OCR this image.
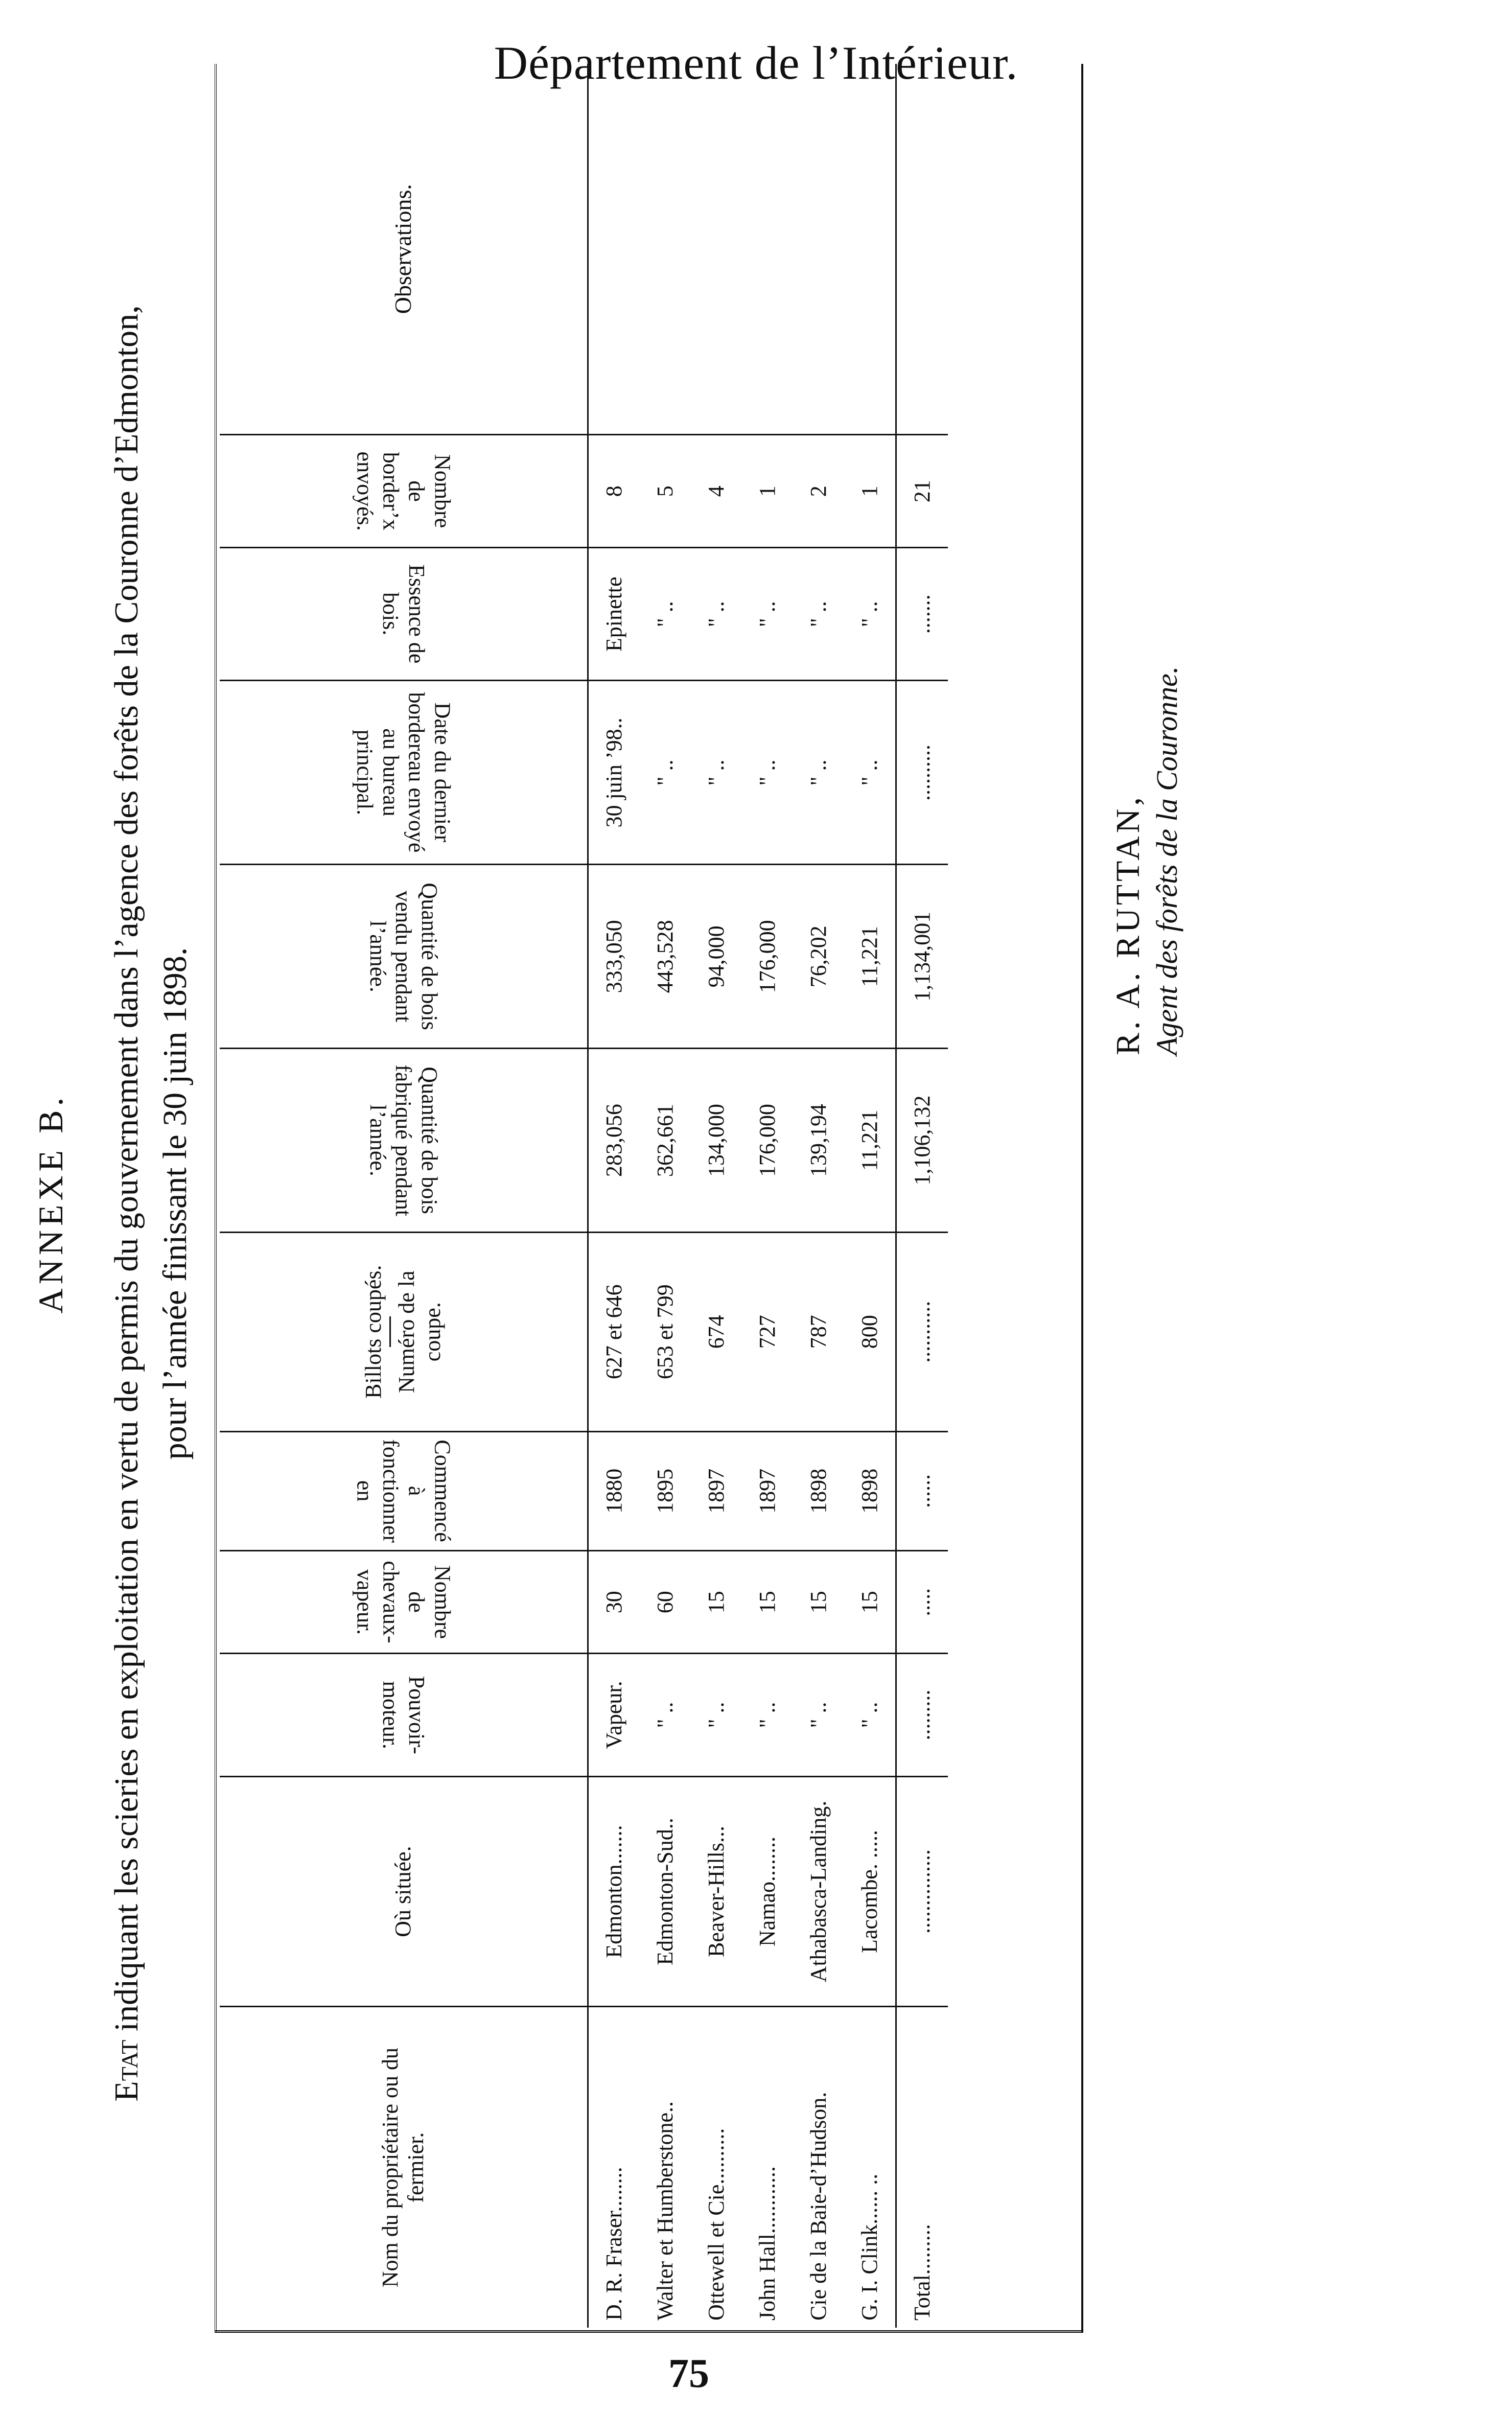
Département de l’Intérieur.
ANNEXE B.
Etat indiquant les scieries en exploitation en vertu de permis du gouvernement dans l’agence des forêts de la Couronne d’Edmonton, pour l’année finissant le 30 juin 1898.
Nom du propriétaire ou du fermier.	Où située.	Pouvoir-moteur.	Nombre de chevaux-vapeur.	Commencé à fonctionner en	Billots coupés. Numéro de la coupe.	Quantité de bois fabriqué pendant l’année.	Quantité de bois vendu pendant l’année.	Date du dernier bordereau envoyé au bureau principal.	Essence de bois.	Nombre de border’x envoyés.	Observations.
D. R. Fraser........	Edmonton.......	Vapeur.	30	1880	627 et 646	283,056	333,050	30 juin ’98..	Epinette	8	
Walter et Humberstone..	Edmonton-Sud..	" ..	60	1895	653 et 799	362,661	443,528	" ..	" ..	5	
Ottewell et Cie..........	Beaver-Hills...	" ..	15	1897	674	134,000	94,000	" ..	" ..	4	
John Hall............	Namao........	" ..	15	1897	727	176,000	176,000	" ..	" ..	1	
Cie de la Baie-d’Hudson.	Athabasca-Landing.	" ..	15	1898	787	139,194	76,202	" ..	" ..	2	
G. I. Clink...... ..	Lacombe. .....	" ..	15	1898	800	11,221	11,221	" ..	" ..	1	
Total.........	...............	.........	.....	......	...........	1,106,132	1,134,001	..........	.......	21	
R. A. RUTTAN, Agent des forêts de la Couronne.
75
